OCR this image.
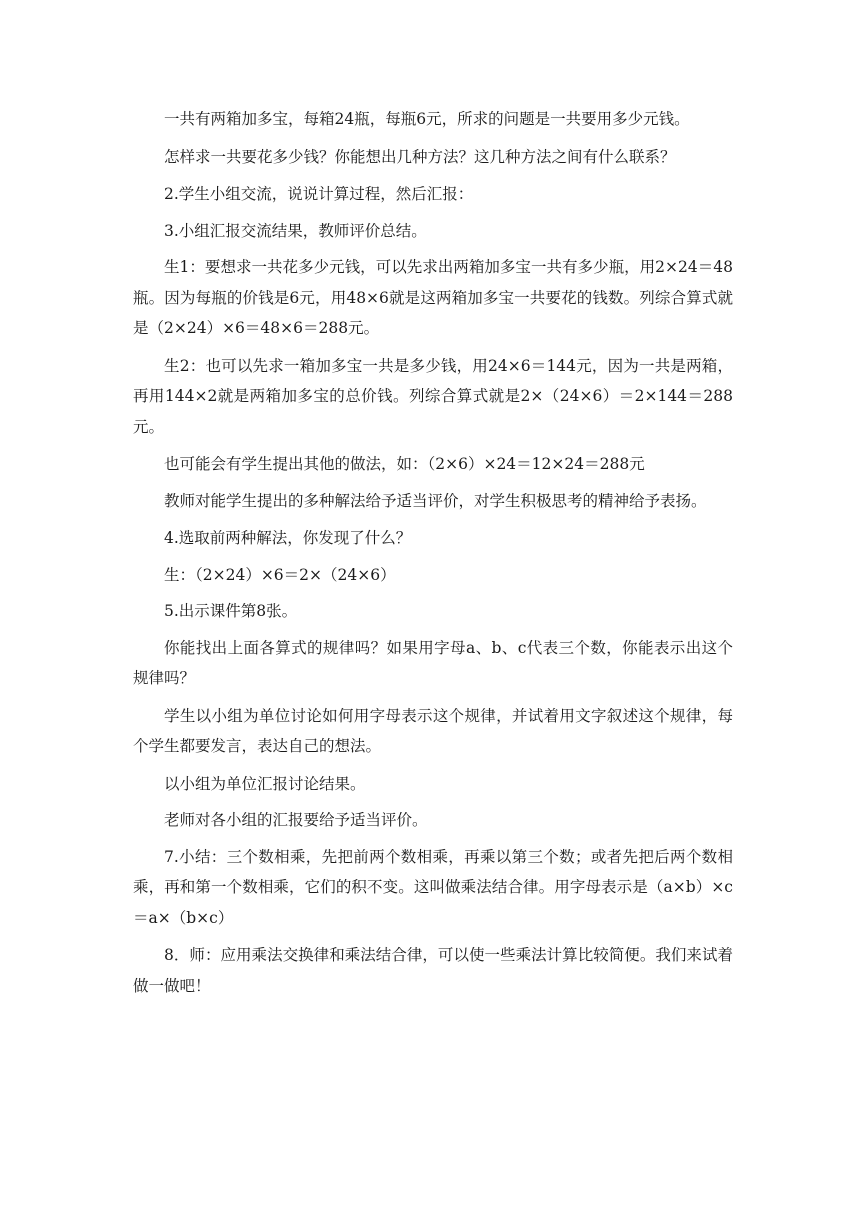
一共有两箱加多宝，每箱24瓶，每瓶6元，所求的问题是一共要用多少元钱。

怎样求一共要花多少钱？你能想出几种方法？这几种方法之间有什么联系？

2.学生小组交流，说说计算过程，然后汇报：

3.小组汇报交流结果，教师评价总结。

生1：要想求一共花多少元钱，可以先求出两箱加多宝一共有多少瓶，用2×24＝48瓶。因为每瓶的价钱是6元，用48×6就是这两箱加多宝一共要花的钱数。列综合算式就是（2×24）×6＝48×6＝288元。

生2：也可以先求一箱加多宝一共是多少钱，用24×6＝144元，因为一共是两箱，再用144×2就是两箱加多宝的总价钱。列综合算式就是2×（24×6）＝2×144＝288元。

也可能会有学生提出其他的做法，如：（2×6）×24＝12×24＝288元

教师对能学生提出的多种解法给予适当评价，对学生积极思考的精神给予表扬。

4.选取前两种解法，你发现了什么？

生：（2×24）×6＝2×（24×6）

5.出示课件第8张。

你能找出上面各算式的规律吗？如果用字母a、b、c代表三个数，你能表示出这个规律吗？

学生以小组为单位讨论如何用字母表示这个规律，并试着用文字叙述这个规律，每个学生都要发言，表达自己的想法。

以小组为单位汇报讨论结果。

老师对各小组的汇报要给予适当评价。

7.小结：三个数相乘，先把前两个数相乘，再乘以第三个数；或者先把后两个数相乘，再和第一个数相乘，它们的积不变。这叫做乘法结合律。用字母表示是（a×b）×c＝a×（b×c）

8．师：应用乘法交换律和乘法结合律，可以使一些乘法计算比较简便。我们来试着做一做吧！
